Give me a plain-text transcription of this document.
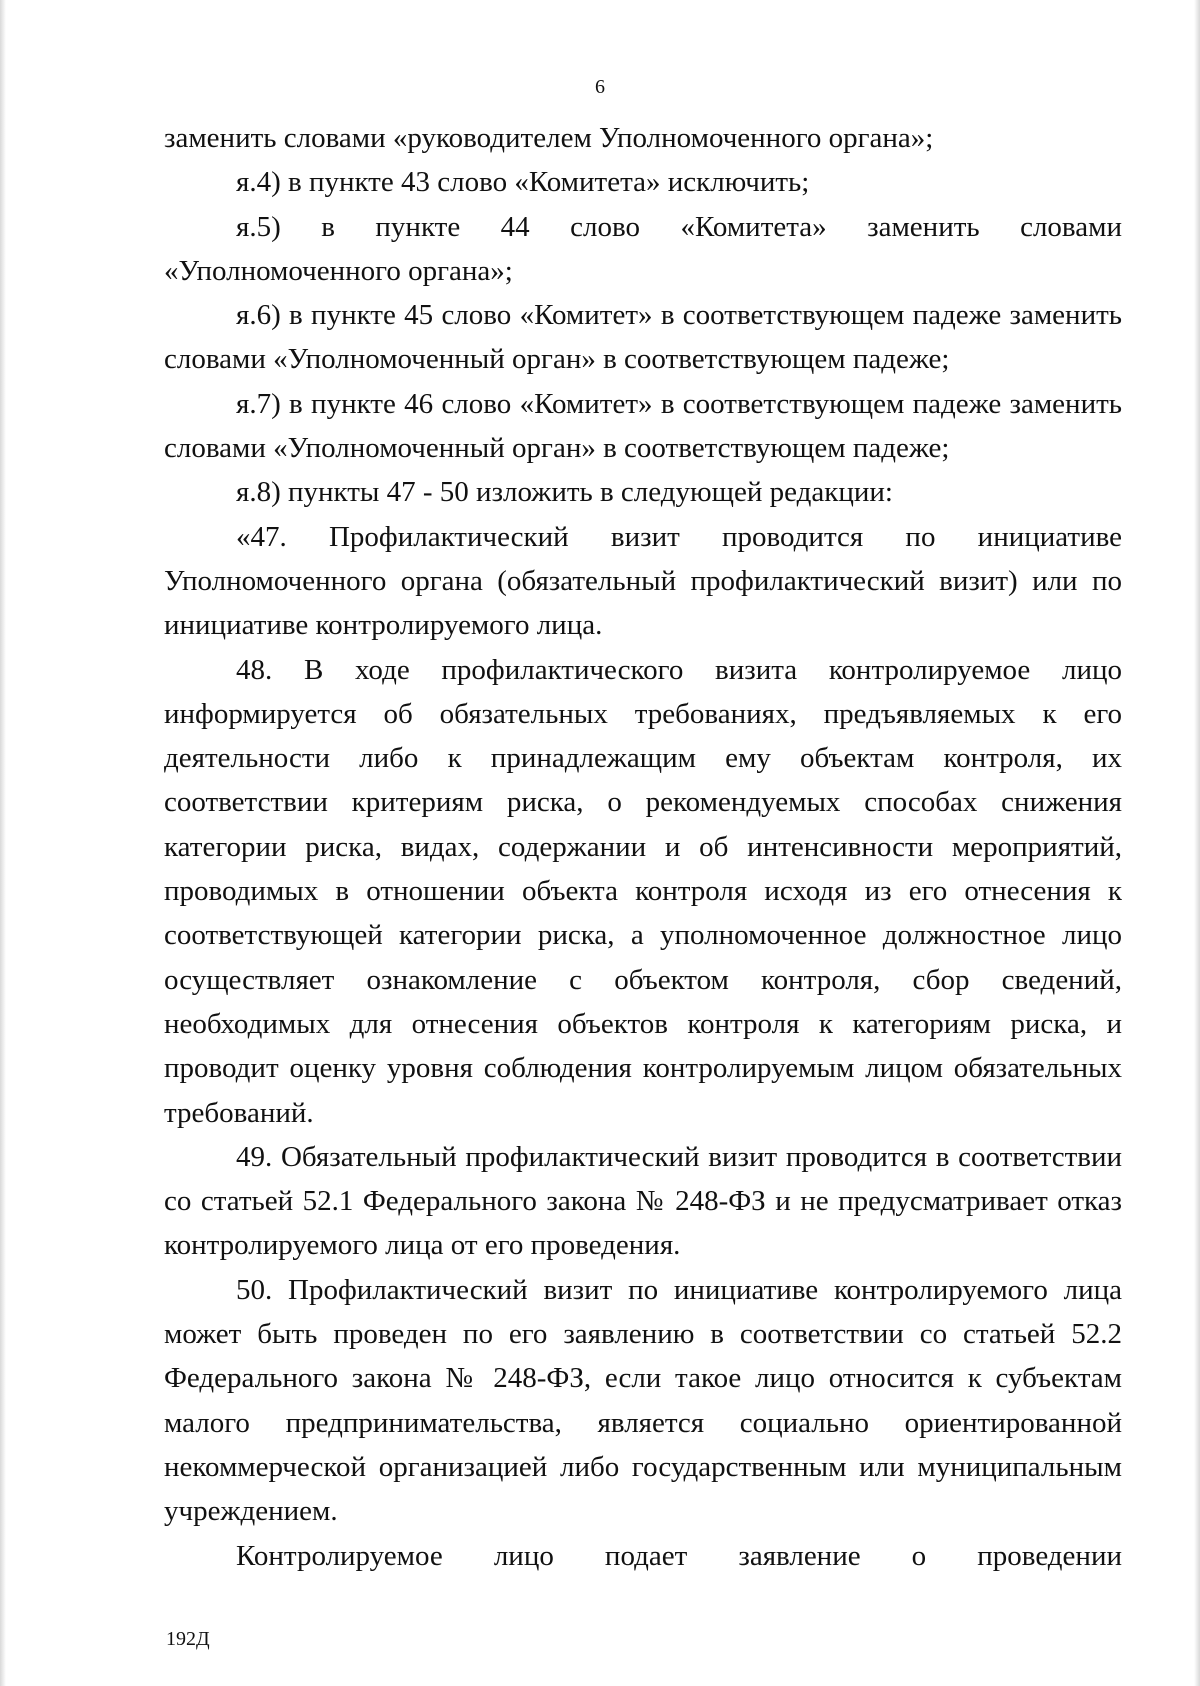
6

заменить словами «руководителем Уполномоченного органа»;

я.4) в пункте 43 слово «Комитета» исключить;

я.5) в пункте 44 слово «Комитета» заменить словами «Уполномоченного органа»;

я.6) в пункте 45 слово «Комитет» в соответствующем падеже заменить словами «Уполномоченный орган» в соответствующем падеже;

я.7) в пункте 46 слово «Комитет» в соответствующем падеже заменить словами «Уполномоченный орган» в соответствующем падеже;

я.8) пункты 47 - 50 изложить в следующей редакции:

«47. Профилактический визит проводится по инициативе Уполномоченного органа (обязательный профилактический визит) или по инициативе контролируемого лица.

48. В ходе профилактического визита контролируемое лицо информируется об обязательных требованиях, предъявляемых к его деятельности либо к принадлежащим ему объектам контроля, их соответствии критериям риска, о рекомендуемых способах снижения категории риска, видах, содержании и об интенсивности мероприятий, проводимых в отношении объекта контроля исходя из его отнесения к соответствующей категории риска, а уполномоченное должностное лицо осуществляет ознакомление с объектом контроля, сбор сведений, необходимых для отнесения объектов контроля к категориям риска, и проводит оценку уровня соблюдения контролируемым лицом обязательных требований.

49. Обязательный профилактический визит проводится в соответствии со статьей 52.1 Федерального закона № 248-ФЗ и не предусматривает отказ контролируемого лица от его проведения.

50. Профилактический визит по инициативе контролируемого лица может быть проведен по его заявлению в соответствии со статьей 52.2 Федерального закона № 248-ФЗ, если такое лицо относится к субъектам малого предпринимательства, является социально ориентированной некоммерческой организацией либо государственным или муниципальным учреждением.

Контролируемое лицо подает заявление о проведении

192Д
